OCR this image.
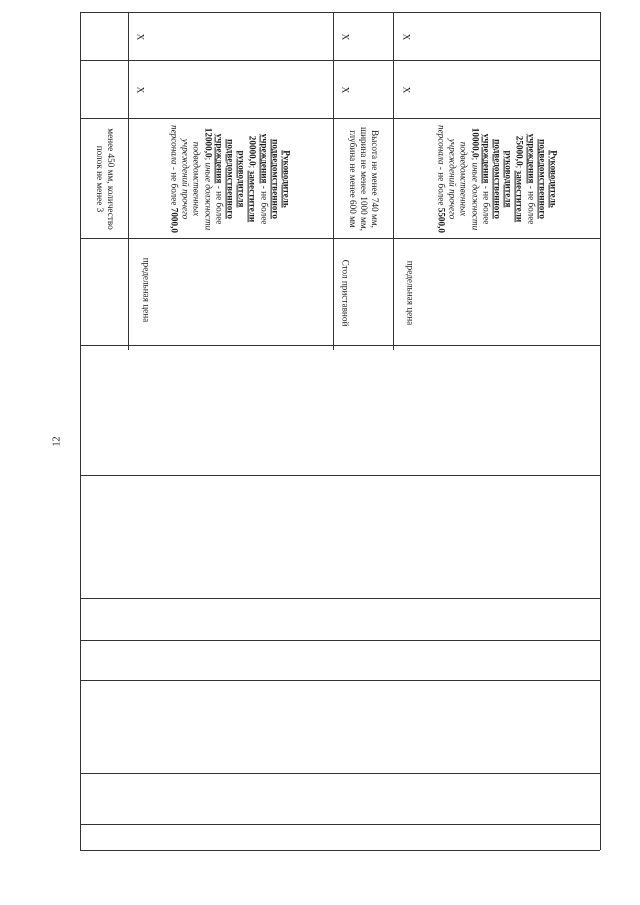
12
менее 450 мм, количество полок не менее 3
предельная цена
Руководитель подведомственного учреждения - не более 20000,0; заместители руководителя подведомственного учреждения - не более 12000,0; иные должности подведомственных учреждений прочего персонала - не более 7000,0
X
X
Стол приставной
Высота не менее 740 мм, ширина не менее 1000 мм, глубина не менее 600 мм
X
X
предельная цена
Руководитель подведомственного учреждения - не более 25000,0; заместители руководителя подведомственного учреждения - не более 10000,0; иные должности подведомственных учреждений прочего персонала - не более 5500,0
X
X
